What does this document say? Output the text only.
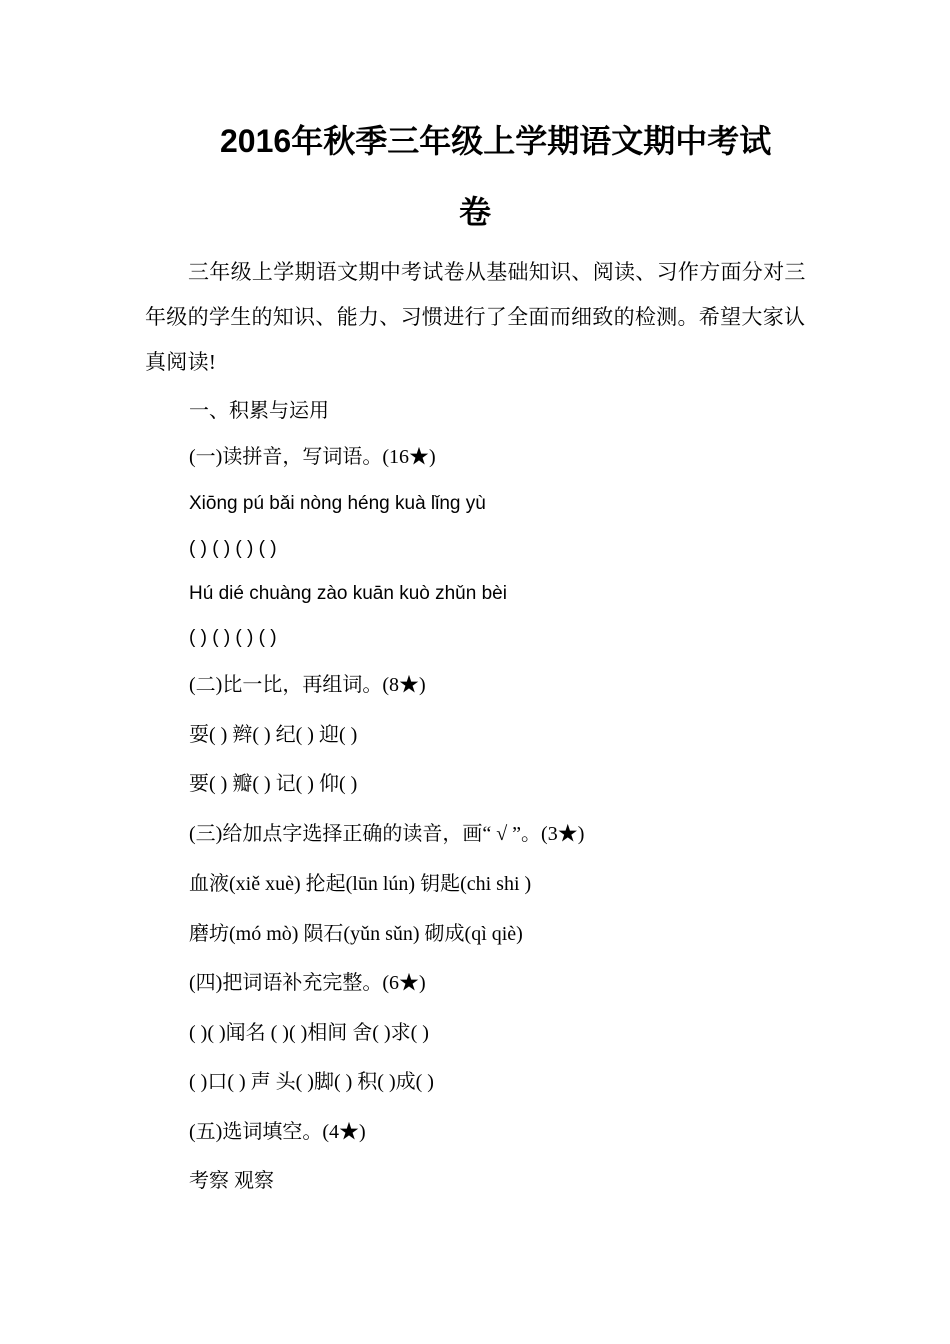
2016年秋季三年级上学期语文期中考试
卷
三年级上学期语文期中考试卷从基础知识、阅读、习作方面分对三年级的学生的知识、能力、习惯进行了全面而细致的检测。希望大家认真阅读!
一、积累与运用
(一)读拼音，写词语。(16★)
Xiōng pú bǎi nòng héng kuà lǐng yù
( ) ( ) ( ) ( )
Hú dié chuàng zào kuān kuò zhǔn bèi
( ) ( ) ( ) ( )
(二)比一比，再组词。(8★)
耍( ) 辫( ) 纪( ) 迎( )
要( ) 瓣( ) 记( ) 仰( )
(三)给加点字选择正确的读音，画“ √ ”。(3★)
血液(xiě xuè) 抡起(lūn lún) 钥匙(chi shi )
磨坊(mó mò) 陨石(yǔn sǔn) 砌成(qì qiè)
(四)把词语补充完整。(6★)
( )( )闻名 ( )( )相间 舍( )求( )
( )口( ) 声 头( )脚( ) 积( )成( )
(五)选词填空。(4★)
考察 观察
